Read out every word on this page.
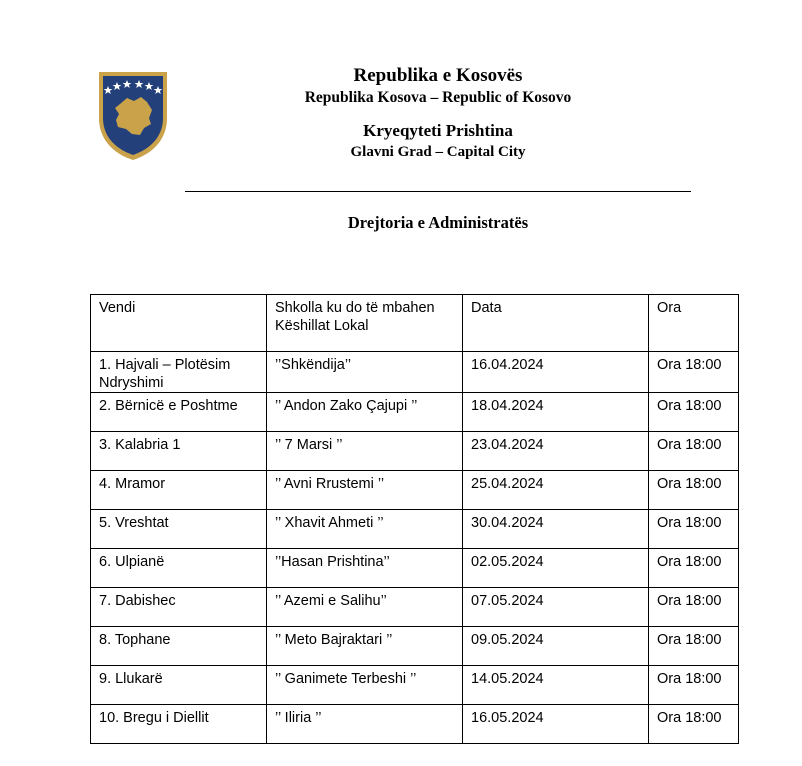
Republika e Kosovës
Republika Kosova – Republic of Kosovo
Kryeqyteti Prishtina
Glavni Grad – Capital City
Drejtoria e Administratës
Vendi	Shkolla ku do të mbahen Këshillat Lokal	Data	Ora
1. Hajvali – Plotësim Ndryshimi	’’Shkëndija’’	16.04.2024	Ora 18:00
2. Bërnicë e Poshtme	’’ Andon Zako Çajupi ’’	18.04.2024	Ora 18:00
3. Kalabria 1	’’ 7 Marsi ’’	23.04.2024	Ora 18:00
4. Mramor	’’ Avni Rrustemi ’’	25.04.2024	Ora 18:00
5. Vreshtat	’’ Xhavit Ahmeti ’’	30.04.2024	Ora 18:00
6. Ulpianë	’’Hasan Prishtina’’	02.05.2024	Ora 18:00
7. Dabishec	’’ Azemi e Salihu’’	07.05.2024	Ora 18:00
8. Tophane	’’ Meto Bajraktari ’’	09.05.2024	Ora 18:00
9. Llukarë	’’ Ganimete Terbeshi ’’	14.05.2024	Ora 18:00
10. Bregu i Diellit	’’ Iliria ’’	16.05.2024	Ora 18:00
